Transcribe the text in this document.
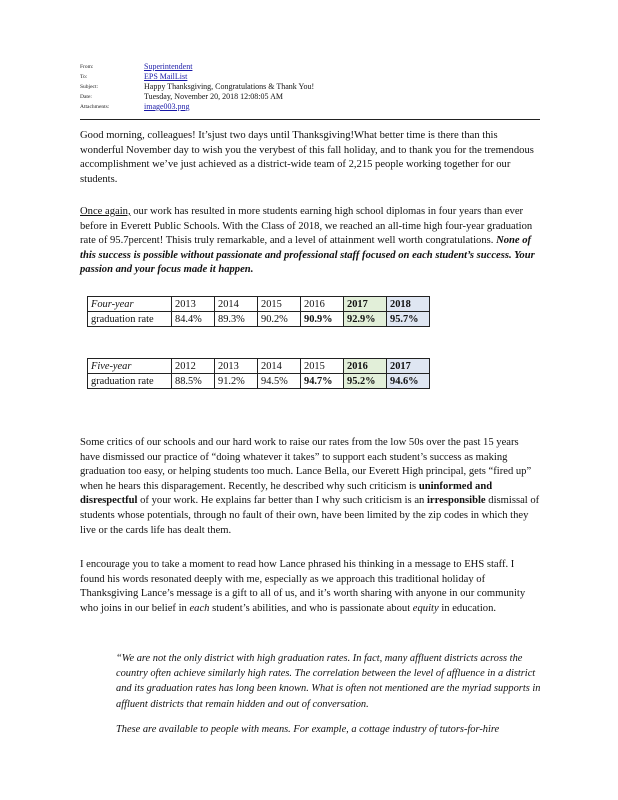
From:	Superintendent
To:	EPS MailList
Subject:	Happy Thanksgiving, Congratulations & Thank You!
Date:	Tuesday, November 20, 2018 12:08:05 AM
Attachments:	image003.png
Good morning, colleagues! It’sjust two days until Thanksgiving!What better time is there than this wonderful November day to wish you the verybest of this fall holiday, and to thank you for the tremendous accomplishment we’ve just achieved as a district-wide team of 2,215 people working together for our students.
Once again, our work has resulted in more students earning high school diplomas in four years than ever before in Everett Public Schools. With the Class of 2018, we reached an all-time high four-year graduation rate of 95.7percent! Thisis truly remarkable, and a level of attainment well worth congratulations. None of this success is possible without passionate and professional staff focused on each student’s success. Your passion and your focus made it happen.
Four-year	2013	2014	2015	2016	2017	2018
graduation rate	84.4%	89.3%	90.2%	90.9%	92.9%	95.7%
Five-year	2012	2013	2014	2015	2016	2017
graduation rate	88.5%	91.2%	94.5%	94.7%	95.2%	94.6%
Some critics of our schools and our hard work to raise our rates from the low 50s over the past 15 years have dismissed our practice of “doing whatever it takes” to support each student’s success as making graduation too easy, or helping students too much. Lance Bella, our Everett High principal, gets “fired up” when he hears this disparagement. Recently, he described why such criticism is uninformed and disrespectful of your work. He explains far better than I why such criticism is an irresponsible dismissal of students whose potentials, through no fault of their own, have been limited by the zip codes in which they live or the cards life has dealt them.
I encourage you to take a moment to read how Lance phrased his thinking in a message to EHS staff. I found his words resonated deeply with me, especially as we approach this traditional holiday of Thanksgiving Lance’s message is a gift to all of us, and it’s worth sharing with anyone in our community who joins in our belief in each student’s abilities, and who is passionate about equity in education.
“We are not the only district with high graduation rates. In fact, many affluent districts across the country often achieve similarly high rates. The correlation between the level of affluence in a district and its graduation rates has long been known. What is often not mentioned are the myriad supports in affluent districts that remain hidden and out of conversation.
These are available to people with means. For example, a cottage industry of tutors-for-hire
